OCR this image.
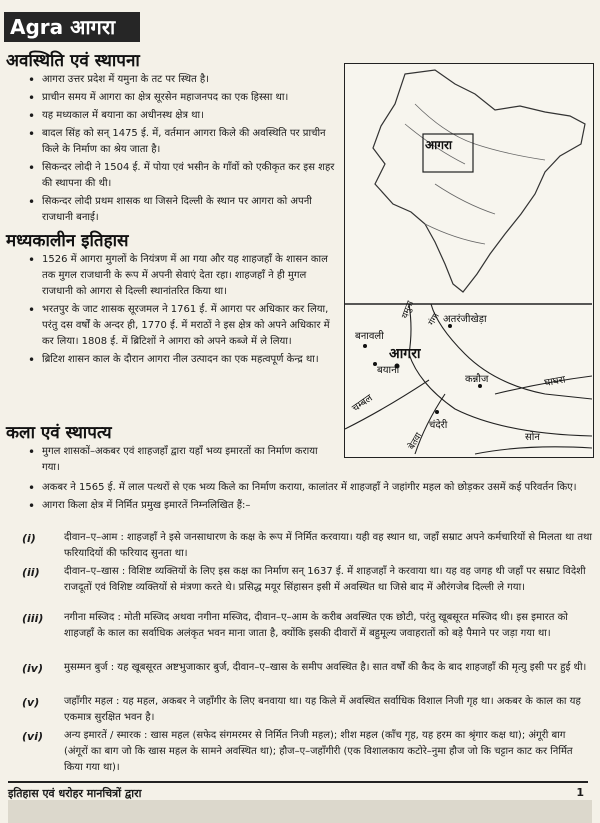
Agra आगरा
अवस्थिति एवं स्थापना
• आगरा उत्तर प्रदेश में यमुना के तट पर स्थित है।
• प्राचीन समय में आगरा का क्षेत्र सूरसेन महाजनपद का एक हिस्सा था।
• यह मध्यकाल में बयाना का अधीनस्थ क्षेत्र था।
• बादल सिंह को सन् 1475 ई. में, वर्तमान आगरा किले की अवस्थिति पर प्राचीन किले के निर्माण का श्रेय जाता है।
• सिकन्दर लोदी ने 1504 ई. में पोया एवं भसीन के गाँवों को एकीकृत कर इस शहर की स्थापना की थी।
• सिकन्दर लोदी प्रथम शासक था जिसने दिल्ली के स्थान पर आगरा को अपनी राजधानी बनाई।
मध्यकालीन इतिहास
• 1526 में आगरा मुगलों के नियंत्रण में आ गया और यह शाहजहाँ के शासन काल तक मुगल राजधानी के रूप में अपनी सेवाएं देता रहा। शाहजहाँ ने ही मुगल राजधानी को आगरा से दिल्ली स्थानांतरित किया था।
• भरतपुर के जाट शासक सूरजमल ने 1761 ई. में आगरा पर अधिकार कर लिया, परंतु दस वर्षों के अन्दर ही, 1770 ई. में मराठों ने इस क्षेत्र को अपने अधिकार में कर लिया। 1808 ई. में ब्रिटिशों ने आगरा को अपने कब्जे में ले लिया।
• ब्रिटिश शासन काल के दौरान आगरा नील उत्पादन का एक महत्वपूर्ण केन्द्र था।
आगरा
बनावली
आगरा
अतरंजीखेड़ा
बयाना
कन्नौज
चंदेरी
यमुना गंगा
घाघरा
चम्बल
बेतवा	सोन
कला एवं स्थापत्य
• मुगल शासकों–अकबर एवं शाहजहाँ द्वारा यहाँ भव्य इमारतों का निर्माण कराया गया।
• अकबर ने 1565 ई. में लाल पत्थरों से एक भव्य किले का निर्माण कराया, कालांतर में शाहजहाँ ने जहांगीर महल को छोड़कर उसमें कई परिवर्तन किए।
• आगरा किला क्षेत्र में निर्मित प्रमुख इमारतें निम्नलिखित हैं:–
(i)	दीवान–ए–आम : शाहजहाँ ने इसे जनसाधारण के कक्ष के रूप में निर्मित करवाया। यही वह स्थान था, जहाँ सम्राट अपने कर्मचारियों से मिलता था तथा फरियादियों की फरियाद सुनता था।
(ii) दीवान–ए–खास : विशिष्ट व्यक्तियों के लिए इस कक्ष का निर्माण सन् 1637 ई. में शाहजहाँ ने करवाया था। यह वह जगह थी जहाँ पर सम्राट विदेशी राजदूतों एवं विशिष्ट व्यक्तियों से मंत्रणा करते थे। प्रसिद्ध मयूर सिंहासन इसी में अवस्थित था जिसे बाद में औरंगजेब दिल्ली ले गया।
(iii) नगीना मस्जिद : मोती मस्जिद अथवा नगीना मस्जिद, दीवान–ए–आम के करीब अवस्थित एक छोटी, परंतु खूबसूरत मस्जिद थी। इस इमारत को शाहजहाँ के काल का सर्वाधिक अलंकृत भवन माना जाता है, क्योंकि इसकी दीवारों में बहुमूल्य जवाहरातों को बड़े पैमाने पर जड़ा गया था।
(iv) मुसम्मन बुर्ज : यह खूबसूरत अष्टभुजाकार बुर्ज, दीवान–ए–खास के समीप अवस्थित है। सात वर्षों की कैद के बाद शाहजहाँ की मृत्यु इसी पर हुई थी।
(v) जहाँगीर महल : यह महल, अकबर ने जहाँगीर के लिए बनवाया था। यह किले में अवस्थित सर्वाधिक विशाल निजी गृह था। अकबर के काल का यह एकमात्र सुरक्षित भवन है।
(vi) अन्य इमारतें / स्मारक : खास महल (सफेद संगमरमर से निर्मित निजी महल); शीश महल (काँच गृह, यह हरम का श्रृंगार कक्ष था); अंगूरी बाग (अंगूरों का बाग जो कि खास महल के सामने अवस्थित था); हौज–ए–जहाँगीरी (एक विशालकाय कटोरे–नुमा हौज जो कि चट्टान काट कर निर्मित किया गया था)।
इतिहास एवं धरोहर मानचित्रों द्वारा	1
